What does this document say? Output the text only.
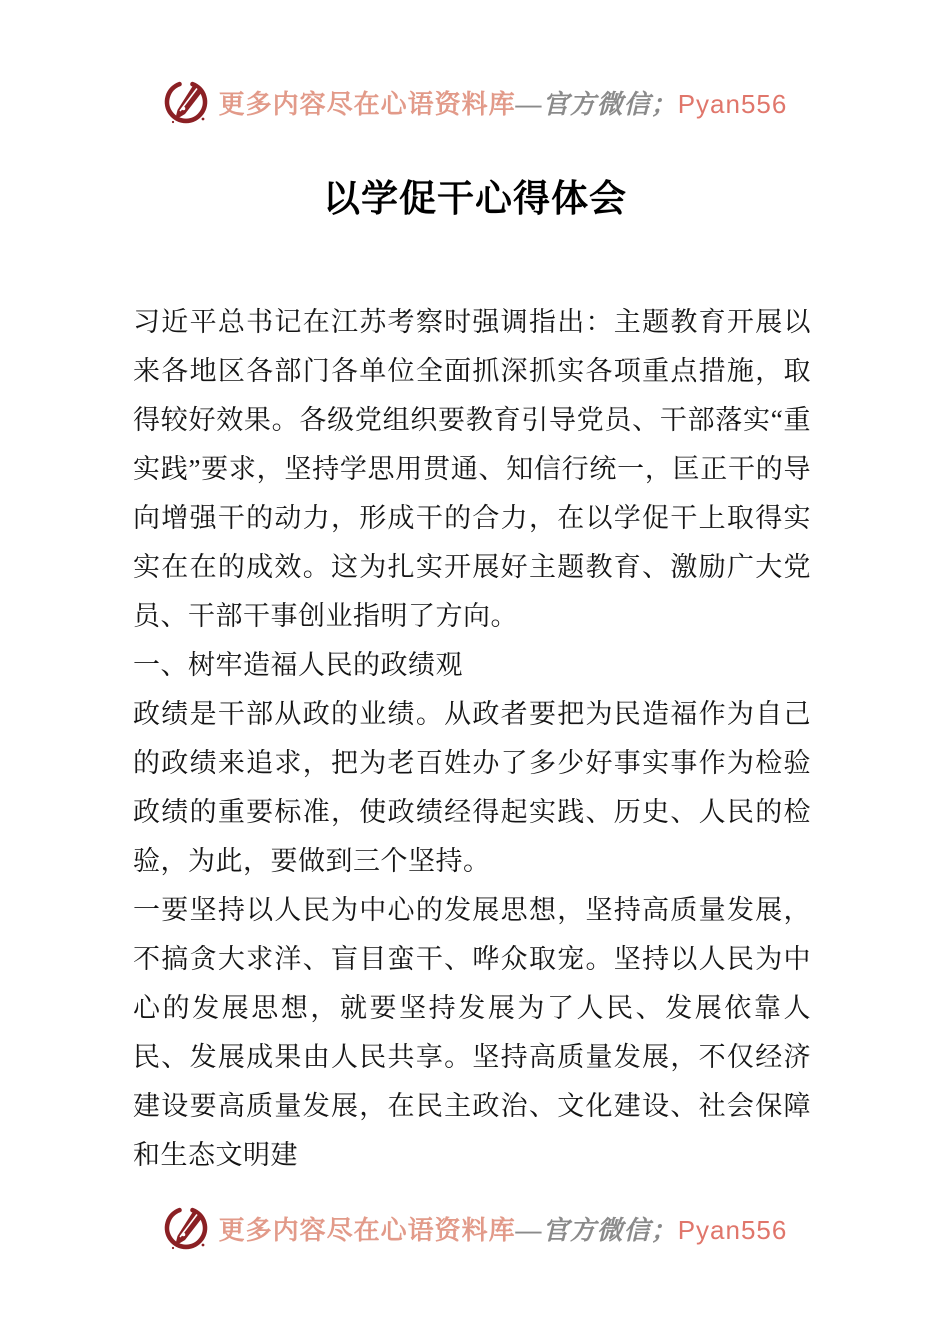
更多内容尽在心语资料库—官方微信；Pyan556
以学促干心得体会

习近平总书记在江苏考察时强调指出：主题教育开展以来各地区各部门各单位全面抓深抓实各项重点措施，取得较好效果。各级党组织要教育引导党员、干部落实“重实践”要求，坚持学思用贯通、知信行统一，匡正干的导向增强干的动力，形成干的合力，在以学促干上取得实实在在的成效。这为扎实开展好主题教育、激励广大党员、干部干事创业指明了方向。

一、树牢造福人民的政绩观

政绩是干部从政的业绩。从政者要把为民造福作为自己的政绩来追求，把为老百姓办了多少好事实事作为检验政绩的重要标准，使政绩经得起实践、历史、人民的检验，为此，要做到三个坚持。

一要坚持以人民为中心的发展思想，坚持高质量发展，不搞贪大求洋、盲目蛮干、哗众取宠。坚持以人民为中心的发展思想，就要坚持发展为了人民、发展依靠人民、发展成果由人民共享。坚持高质量发展，不仅经济建设要高质量发展，在民主政治、文化建设、社会保障和生态文明建

更多内容尽在心语资料库—官方微信；Pyan556
